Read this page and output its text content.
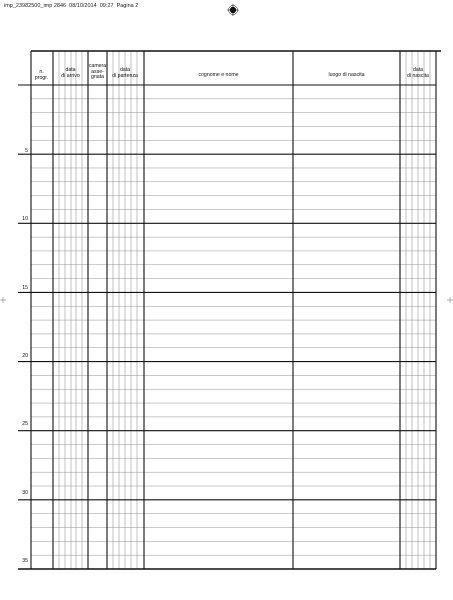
imp_23982500_imp 2846 08/10/2014 09:27 Pagina 2
n.
progr.
data
di arrivo
camera
asse-
gnata
data
di partenza	cognome e nome	luogo di nascita
data
di nascita
5
10
15
20
25
30
35
